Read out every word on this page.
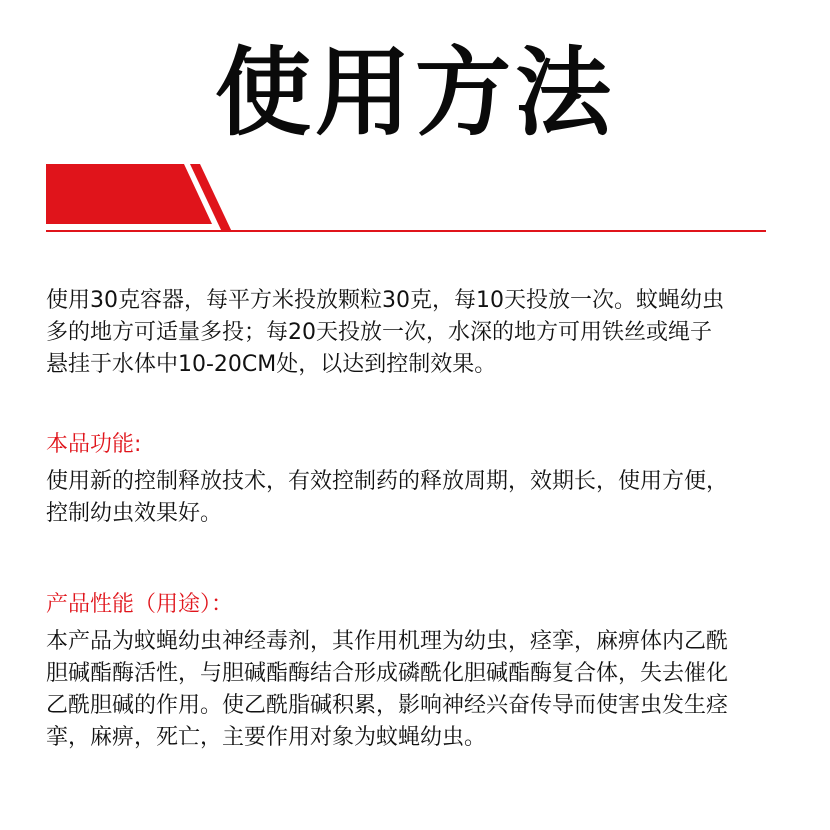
使用方法
使用30克容器，每平方米投放颗粒30克，每10天投放一次。蚊蝇幼虫
多的地方可适量多投；每20天投放一次，水深的地方可用铁丝或绳子
悬挂于水体中10-20CM处，以达到控制效果。
本品功能:
使用新的控制释放技术，有效控制药的释放周期，效期长，使用方便，
控制幼虫效果好。
产品性能（用途）：
本产品为蚊蝇幼虫神经毒剂，其作用机理为幼虫，痉挛，麻痹体内乙酰
胆碱酯酶活性，与胆碱酯酶结合形成磷酰化胆碱酯酶复合体，失去催化
乙酰胆碱的作用。使乙酰脂碱积累，影响神经兴奋传导而使害虫发生痉
挛，麻痹，死亡，主要作用对象为蚊蝇幼虫。
